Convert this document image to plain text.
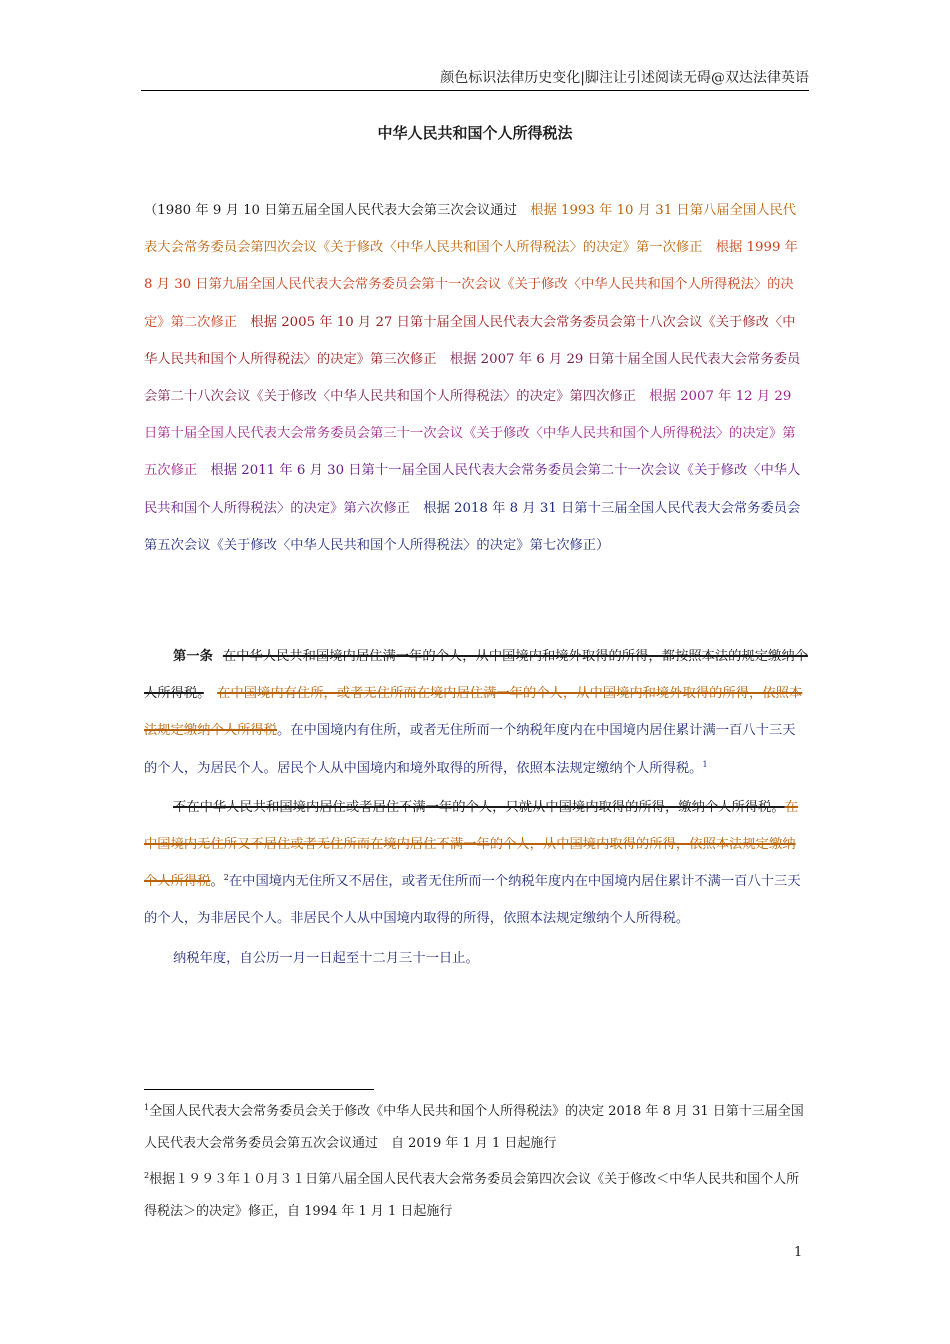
颜色标识法律历史变化|脚注让引述阅读无碍@双达法律英语
中华人民共和国个人所得税法
（1980 年 9 月 10 日第五届全国人民代表大会第三次会议通过　根据 1993 年 10 月 31 日第八届全国人民代表大会常务委员会第四次会议《关于修改〈中华人民共和国个人所得税法〉的决定》第一次修正　根据 1999 年 8 月 30 日第九届全国人民代表大会常务委员会第十一次会议《关于修改〈中华人民共和国个人所得税法〉的决定》第二次修正　根据 2005 年 10 月 27 日第十届全国人民代表大会常务委员会第十八次会议《关于修改〈中华人民共和国个人所得税法〉的决定》第三次修正　根据 2007 年 6 月 29 日第十届全国人民代表大会常务委员会第二十八次会议《关于修改〈中华人民共和国个人所得税法〉的决定》第四次修正　根据 2007 年 12 月 29 日第十届全国人民代表大会常务委员会第三十一次会议《关于修改〈中华人民共和国个人所得税法〉的决定》第五次修正　根据 2011 年 6 月 30 日第十一届全国人民代表大会常务委员会第二十一次会议《关于修改〈中华人民共和国个人所得税法〉的决定》第六次修正　根据 2018 年 8 月 31 日第十三届全国人民代表大会常务委员会第五次会议《关于修改〈中华人民共和国个人所得税法〉的决定》第七次修正）

第一条 在中华人民共和国境内居住满一年的个人，从中国境内和境外取得的所得，都按照本法的规定缴纳个人所得税。　 在中国境内有住所，或者无住所而在境内居住满一年的个人，从中国境内和境外取得的所得，依照本法规定缴纳个人所得税。在中国境内有住所，或者无住所而一个纳税年度内在中国境内居住累计满一百八十三天的个人，为居民个人。居民个人从中国境内和境外取得的所得，依照本法规定缴纳个人所得税。$^1$

不在中华人民共和国境内居住或者居住不满一年的个人，只就从中国境内取得的所得，缴纳个人所得税。在中国境内无住所又不居住或者无住所而在境内居住不满一年的个人，从中国境内取得的所得，依照本法规定缴纳个人所得税。$^2$在中国境内无住所又不居住，或者无住所而一个纳税年度内在中国境内居住累计不满一百八十三天的个人，为非居民个人。非居民个人从中国境内取得的所得，依照本法规定缴纳个人所得税。

纳税年度，自公历一月一日起至十二月三十一日止。

$^1$全国人民代表大会常务委员会关于修改《中华人民共和国个人所得税法》的决定 2018 年 8 月 31 日第十三届全国人民代表大会常务委员会第五次会议通过　自 2019 年 1 月 1 日起施行

$^2$根据１９９３年１０月３１日第八届全国人民代表大会常务委员会第四次会议《关于修改＜中华人民共和国个人所得税法＞的决定》修正，自 1994 年 1 月 1 日起施行

1
